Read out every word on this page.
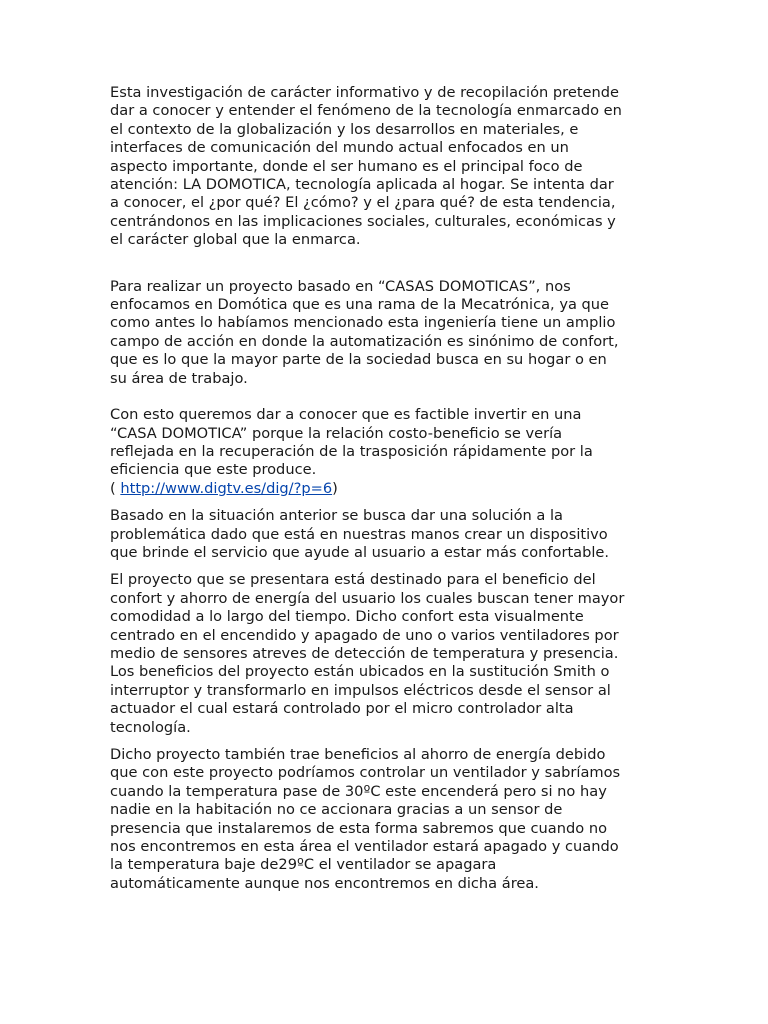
Esta investigación de carácter informativo y de recopilación pretende
dar a conocer y entender el fenómeno de la tecnología enmarcado en
el contexto de la globalización y los desarrollos en materiales, e
interfaces de comunicación del mundo actual enfocados en un
aspecto importante, donde el ser humano es el principal foco de
atención: LA DOMOTICA, tecnología aplicada al hogar. Se intenta dar
a conocer, el ¿por qué? El ¿cómo? y el ¿para qué? de esta tendencia,
centrándonos en las implicaciones sociales, culturales, económicas y
el carácter global que la enmarca.

Para realizar un proyecto basado en “CASAS DOMOTICAS”, nos
enfocamos en Domótica que es una rama de la Mecatrónica, ya que
como antes lo habíamos mencionado esta ingeniería tiene un amplio
campo de acción en donde la automatización es sinónimo de confort,
que es lo que la mayor parte de la sociedad busca en su hogar o en
su área de trabajo.

Con esto queremos dar a conocer que es factible invertir en una
“CASA DOMOTICA” porque la relación costo-beneficio se vería
reflejada en la recuperación de la trasposición rápidamente por la
eficiencia que este produce.

( http://www.digtv.es/dig/?p=6)

Basado en la situación anterior se busca dar una solución a la
problemática dado que está en nuestras manos crear un dispositivo
que brinde el servicio que ayude al usuario a estar más confortable.

El proyecto que se presentara está destinado para el beneficio del
confort y ahorro de energía del usuario los cuales buscan tener mayor
comodidad a lo largo del tiempo. Dicho confort esta visualmente
centrado en el encendido y apagado de uno o varios ventiladores por
medio de sensores atreves de detección de temperatura y presencia.
Los beneficios del proyecto están ubicados en la sustitución Smith o
interruptor y transformarlo en impulsos eléctricos desde el sensor al
actuador el cual estará controlado por el micro controlador alta
tecnología.

Dicho proyecto también trae beneficios al ahorro de energía debido
que con este proyecto podríamos controlar un ventilador y sabríamos
cuando la temperatura pase de 30ºC este encenderá pero si no hay
nadie en la habitación no ce accionara gracias a un sensor de
presencia que instalaremos de esta forma sabremos que cuando no
nos encontremos en esta área el ventilador estará apagado y cuando
la temperatura baje de29ºC el ventilador se apagara
automáticamente aunque nos encontremos en dicha área.
